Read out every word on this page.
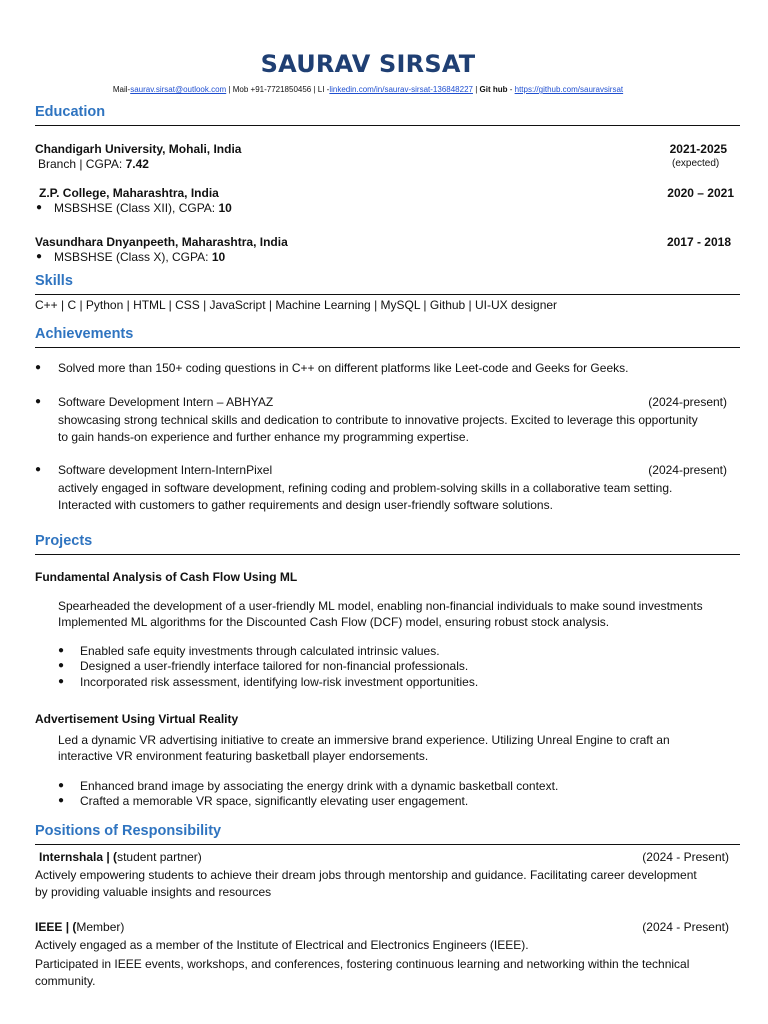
SAURAV SIRSAT
Mail-saurav.sirsat@outlook.com | Mob +91-7721850456 | LI -linkedin.com/in/saurav-sirsat-136848227 | Git hub - https://github.com/sauravsirsat
Education
Chandigarh University, Mohali, India	2021-2025
Branch | CGPA: 7.42	(expected)
Z.P. College, Maharashtra, India	2020 – 2021
● MSBSHSE (Class XII), CGPA: 10
Vasundhara Dnyanpeeth, Maharashtra, India	2017 - 2018
● MSBSHSE (Class X), CGPA: 10
Skills
C++ | C | Python | HTML | CSS | JavaScript | Machine Learning | MySQL | Github | UI-UX designer
Achievements
● Solved more than 150+ coding questions in C++ on different platforms like Leet-code and Geeks for Geeks.
● Software Development Intern – ABHYAZ	(2024-present)
showcasing strong technical skills and dedication to contribute to innovative projects. Excited to leverage this opportunity
to gain hands-on experience and further enhance my programming expertise.
● Software development Intern-InternPixel	(2024-present)
actively engaged in software development, refining coding and problem-solving skills in a collaborative team setting.
Interacted with customers to gather requirements and design user-friendly software solutions.
Projects
Fundamental Analysis of Cash Flow Using ML
Spearheaded the development of a user-friendly ML model, enabling non-financial individuals to make sound investments
Implemented ML algorithms for the Discounted Cash Flow (DCF) model, ensuring robust stock analysis.
● Enabled safe equity investments through calculated intrinsic values.
● Designed a user-friendly interface tailored for non-financial professionals.
● Incorporated risk assessment, identifying low-risk investment opportunities.
Advertisement Using Virtual Reality
Led a dynamic VR advertising initiative to create an immersive brand experience. Utilizing Unreal Engine to craft an
interactive VR environment featuring basketball player endorsements.
● Enhanced brand image by associating the energy drink with a dynamic basketball context.
● Crafted a memorable VR space, significantly elevating user engagement.
Positions of Responsibility
Internshala | (student partner)	(2024 - Present)
Actively empowering students to achieve their dream jobs through mentorship and guidance. Facilitating career development
by providing valuable insights and resources
IEEE | (Member)	(2024 - Present)
Actively engaged as a member of the Institute of Electrical and Electronics Engineers (IEEE).
Participated in IEEE events, workshops, and conferences, fostering continuous learning and networking within the technical
community.
